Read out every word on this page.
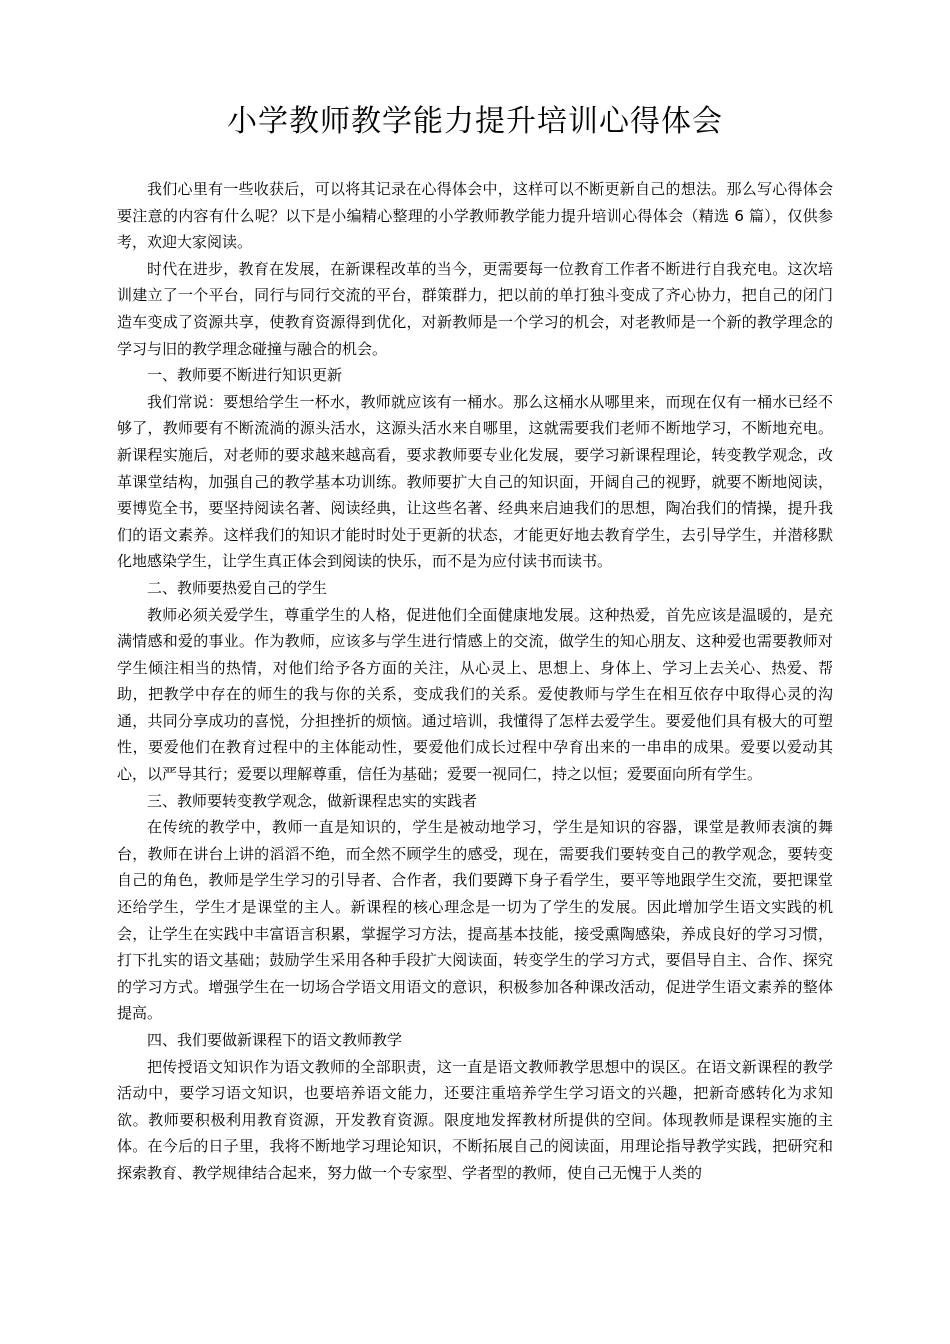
小学教师教学能力提升培训心得体会

我们心里有一些收获后，可以将其记录在心得体会中，这样可以不断更新自己的想法。那么写心得体会要注意的内容有什么呢？以下是小编精心整理的小学教师教学能力提升培训心得体会（精选 6 篇），仅供参考，欢迎大家阅读。

时代在进步，教育在发展，在新课程改革的当今，更需要每一位教育工作者不断进行自我充电。这次培训建立了一个平台，同行与同行交流的平台，群策群力，把以前的单打独斗变成了齐心协力，把自己的闭门造车变成了资源共享，使教育资源得到优化，对新教师是一个学习的机会，对老教师是一个新的教学理念的学习与旧的教学理念碰撞与融合的机会。

一、教师要不断进行知识更新

我们常说：要想给学生一杯水，教师就应该有一桶水。那么这桶水从哪里来，而现在仅有一桶水已经不够了，教师要有不断流淌的源头活水，这源头活水来自哪里，这就需要我们老师不断地学习，不断地充电。新课程实施后，对老师的要求越来越高看，要求教师要专业化发展，要学习新课程理论，转变教学观念，改革课堂结构，加强自己的教学基本功训练。教师要扩大自己的知识面，开阔自己的视野，就要不断地阅读，要博览全书，要坚持阅读名著、阅读经典，让这些名著、经典来启迪我们的思想，陶冶我们的情操，提升我们的语文素养。这样我们的知识才能时时处于更新的状态，才能更好地去教育学生，去引导学生，并潜移默化地感染学生，让学生真正体会到阅读的快乐，而不是为应付读书而读书。

二、教师要热爱自己的学生

教师必须关爱学生，尊重学生的人格，促进他们全面健康地发展。这种热爱，首先应该是温暖的，是充满情感和爱的事业。作为教师，应该多与学生进行情感上的交流，做学生的知心朋友、这种爱也需要教师对学生倾注相当的热情，对他们给予各方面的关注，从心灵上、思想上、身体上、学习上去关心、热爱、帮助，把教学中存在的师生的我与你的关系，变成我们的关系。爱使教师与学生在相互依存中取得心灵的沟通，共同分享成功的喜悦，分担挫折的烦恼。通过培训，我懂得了怎样去爱学生。要爱他们具有极大的可塑性，要爱他们在教育过程中的主体能动性，要爱他们成长过程中孕育出来的一串串的成果。爱要以爱动其心，以严导其行；爱要以理解尊重，信任为基础；爱要一视同仁，持之以恒；爱要面向所有学生。

三、教师要转变教学观念，做新课程忠实的实践者

在传统的教学中，教师一直是知识的，学生是被动地学习，学生是知识的容器，课堂是教师表演的舞台，教师在讲台上讲的滔滔不绝，而全然不顾学生的感受，现在，需要我们要转变自己的教学观念，要转变自己的角色，教师是学生学习的引导者、合作者，我们要蹲下身子看学生，要平等地跟学生交流，要把课堂还给学生，学生才是课堂的主人。新课程的核心理念是一切为了学生的发展。因此增加学生语文实践的机会，让学生在实践中丰富语言积累，掌握学习方法，提高基本技能，接受熏陶感染，养成良好的学习习惯，打下扎实的语文基础；鼓励学生采用各种手段扩大阅读面，转变学生的学习方式，要倡导自主、合作、探究的学习方式。增强学生在一切场合学语文用语文的意识，积极参加各种课改活动，促进学生语文素养的整体提高。

四、我们要做新课程下的语文教师教学

把传授语文知识作为语文教师的全部职责，这一直是语文教师教学思想中的误区。在语文新课程的教学活动中，要学习语文知识，也要培养语文能力，还要注重培养学生学习语文的兴趣，把新奇感转化为求知欲。教师要积极利用教育资源，开发教育资源。限度地发挥教材所提供的空间。体现教师是课程实施的主体。在今后的日子里，我将不断地学习理论知识，不断拓展自己的阅读面，用理论指导教学实践，把研究和探索教育、教学规律结合起来，努力做一个专家型、学者型的教师，使自己无愧于人类的
